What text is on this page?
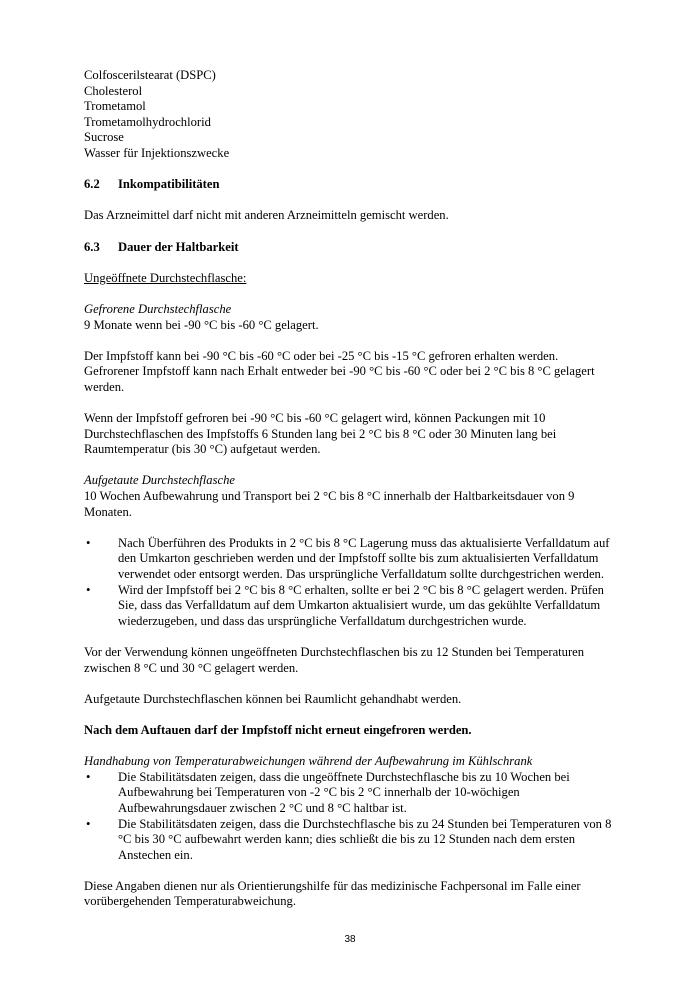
Colfoscerilstearat (DSPC)
Cholesterol
Trometamol
Trometamolhydrochlorid
Sucrose
Wasser für Injektionszwecke
6.2 Inkompatibilitäten
Das Arzneimittel darf nicht mit anderen Arzneimitteln gemischt werden.
6.3 Dauer der Haltbarkeit
Ungeöffnete Durchstechflasche:
Gefrorene Durchstechflasche
9 Monate wenn bei -90 °C bis -60 °C gelagert.
Der Impfstoff kann bei -90 °C bis -60 °C oder bei -25 °C bis -15 °C gefroren erhalten werden.
Gefrorener Impfstoff kann nach Erhalt entweder bei -90 °C bis -60 °C oder bei 2 °C bis 8 °C gelagert werden.
Wenn der Impfstoff gefroren bei -90 °C bis -60 °C gelagert wird, können Packungen mit 10 Durchstechflaschen des Impfstoffs 6 Stunden lang bei 2 °C bis 8 °C oder 30 Minuten lang bei Raumtemperatur (bis 30 °C) aufgetaut werden.
Aufgetaute Durchstechflasche
10 Wochen Aufbewahrung und Transport bei 2 °C bis 8 °C innerhalb der Haltbarkeitsdauer von 9 Monaten.
• Nach Überführen des Produkts in 2 °C bis 8 °C Lagerung muss das aktualisierte Verfalldatum auf den Umkarton geschrieben werden und der Impfstoff sollte bis zum aktualisierten Verfalldatum verwendet oder entsorgt werden. Das ursprüngliche Verfalldatum sollte durchgestrichen werden.
• Wird der Impfstoff bei 2 °C bis 8 °C erhalten, sollte er bei 2 °C bis 8 °C gelagert werden. Prüfen Sie, dass das Verfalldatum auf dem Umkarton aktualisiert wurde, um das gekühlte Verfalldatum wiederzugeben, und dass das ursprüngliche Verfalldatum durchgestrichen wurde.
Vor der Verwendung können ungeöffneten Durchstechflaschen bis zu 12 Stunden bei Temperaturen zwischen 8 °C und 30 °C gelagert werden.
Aufgetaute Durchstechflaschen können bei Raumlicht gehandhabt werden.
Nach dem Auftauen darf der Impfstoff nicht erneut eingefroren werden.
Handhabung von Temperaturabweichungen während der Aufbewahrung im Kühlschrank
• Die Stabilitätsdaten zeigen, dass die ungeöffnete Durchstechflasche bis zu 10 Wochen bei Aufbewahrung bei Temperaturen von -2 °C bis 2 °C innerhalb der 10-wöchigen Aufbewahrungsdauer zwischen 2 °C und 8 °C haltbar ist.
• Die Stabilitätsdaten zeigen, dass die Durchstechflasche bis zu 24 Stunden bei Temperaturen von 8 °C bis 30 °C aufbewahrt werden kann; dies schließt die bis zu 12 Stunden nach dem ersten Anstechen ein.
Diese Angaben dienen nur als Orientierungshilfe für das medizinische Fachpersonal im Falle einer vorübergehenden Temperaturabweichung.
38
